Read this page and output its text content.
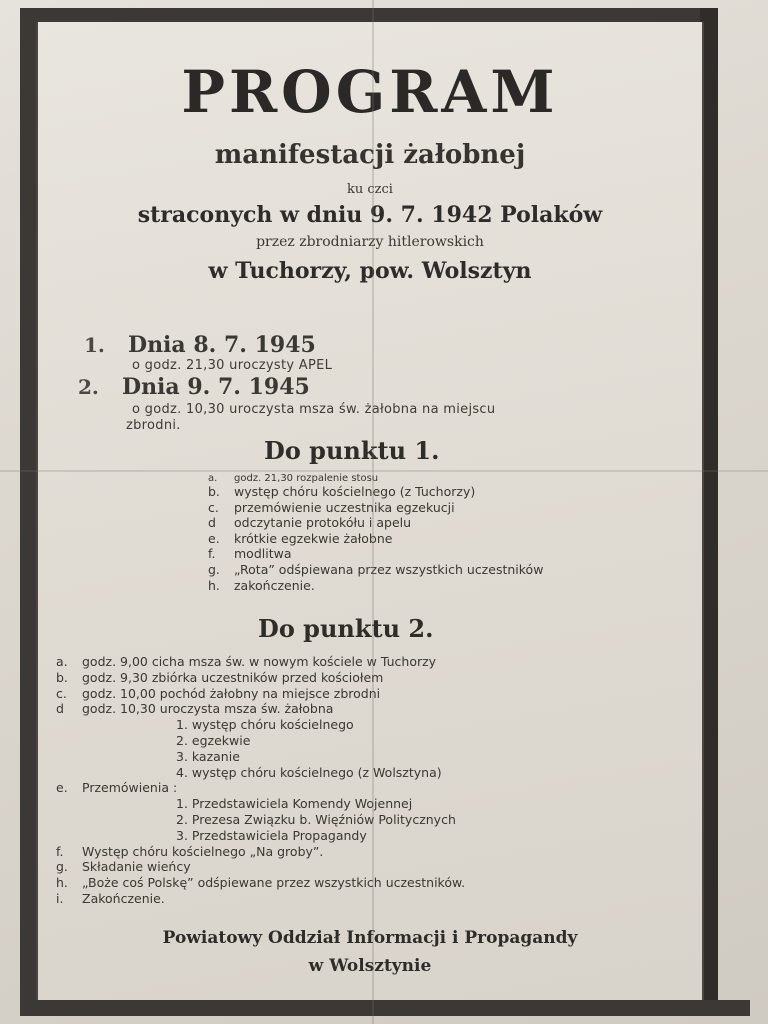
PROGRAM
manifestacji żałobnej
ku czci
straconych w dniu 9. 7. 1942 Polaków
przez zbrodniarzy hitlerowskich
w Tuchorzy, pow. Wolsztyn
1. Dnia 8. 7. 1945
o godz. 21,30 uroczysty APEL
2. Dnia 9. 7. 1945
o godz. 10,30 uroczysta msza św. żałobna na miejscu
zbrodni.
Do punktu 1.
a. godz. 21,30 rozpalenie stosu
b. występ chóru kościelnego (z Tuchorzy)
c. przemówienie uczestnika egzekucji
d odczytanie protokółu i apelu
e. krótkie egzekwie żałobne
f. modlitwa
g. „Rota” odśpiewana przez wszystkich uczestników
h. zakończenie.
Do punktu 2.
a. godz. 9,00 cicha msza św. w nowym kościele w Tuchorzy
b. godz. 9,30 zbiórka uczestników przed kościołem
c. godz. 10,00 pochód żałobny na miejsce zbrodni
d godz. 10,30 uroczysta msza św. żałobna
1. występ chóru kościelnego
2. egzekwie
3. kazanie
4. występ chóru kościelnego (z Wolsztyna)
e. Przemówienia :
1. Przedstawiciela Komendy Wojennej
2. Prezesa Związku b. Więźniów Politycznych
3. Przedstawiciela Propagandy
f. Występ chóru kościelnego „Na groby”.
g. Składanie wieńcy
h. „Boże coś Polskę” odśpiewane przez wszystkich uczestników.
i. Zakończenie.
Powiatowy Oddział Informacji i Propagandy
w Wolsztynie
